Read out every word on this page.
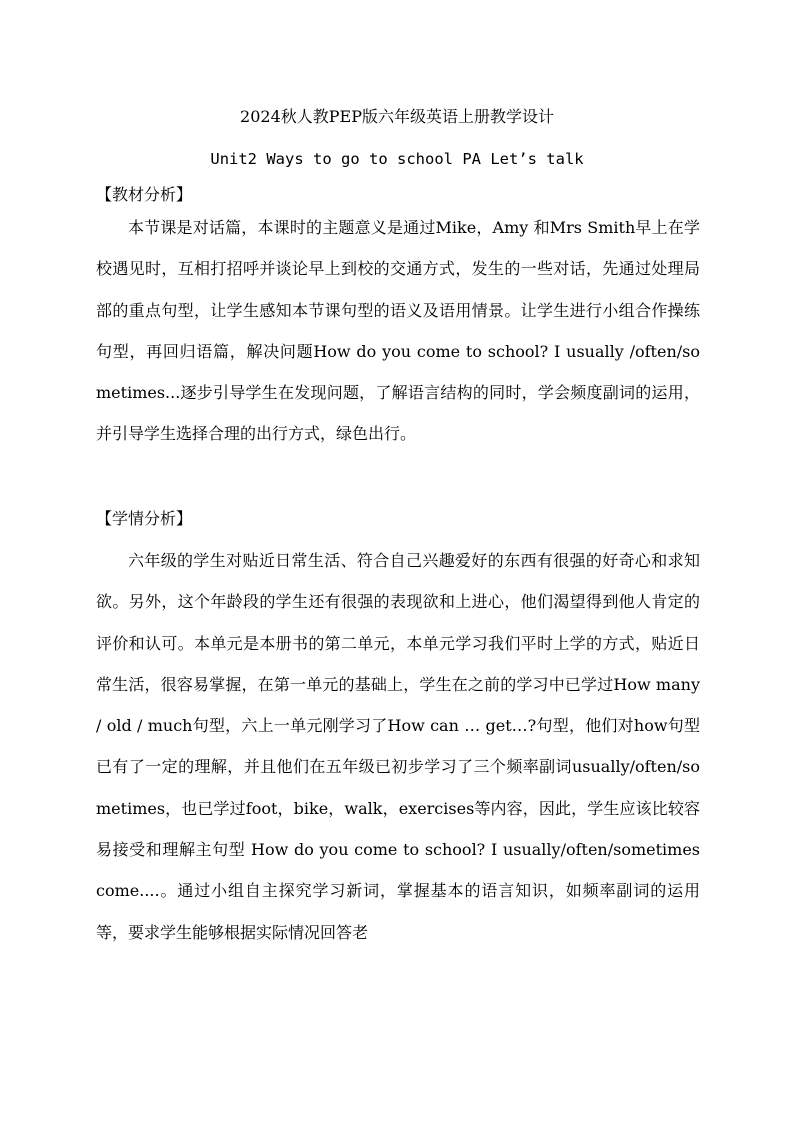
2024秋人教PEP版六年级英语上册教学设计
Unit2 Ways to go to school PA Let’s talk
【教材分析】

本节课是对话篇，本课时的主题意义是通过Mike，Amy 和Mrs Smith早上在学校遇见时，互相打招呼并谈论早上到校的交通方式，发生的一些对话，先通过处理局部的重点句型，让学生感知本节课句型的语义及语用情景。让学生进行小组合作操练句型，再回归语篇，解决问题How do you come to school? I usually /often/sometimes...逐步引导学生在发现问题，了解语言结构的同时，学会频度副词的运用，并引导学生选择合理的出行方式，绿色出行。

【学情分析】

六年级的学生对贴近日常生活、符合自己兴趣爱好的东西有很强的好奇心和求知欲。另外，这个年龄段的学生还有很强的表现欲和上进心，他们渴望得到他人肯定的评价和认可。本单元是本册书的第二单元，本单元学习我们平时上学的方式，贴近日常生活，很容易掌握，在第一单元的基础上，学生在之前的学习中已学过How many / old / much句型，六上一单元刚学习了How can … get…?句型，他们对how句型已有了一定的理解，并且他们在五年级已初步学习了三个频率副词usually/often/sometimes，也已学过foot，bike，walk，exercises等内容，因此，学生应该比较容易接受和理解主句型 How do you come to school? I usually/often/sometimes come....。通过小组自主探究学习新词，掌握基本的语言知识，如频率副词的运用等，要求学生能够根据实际情况回答老
